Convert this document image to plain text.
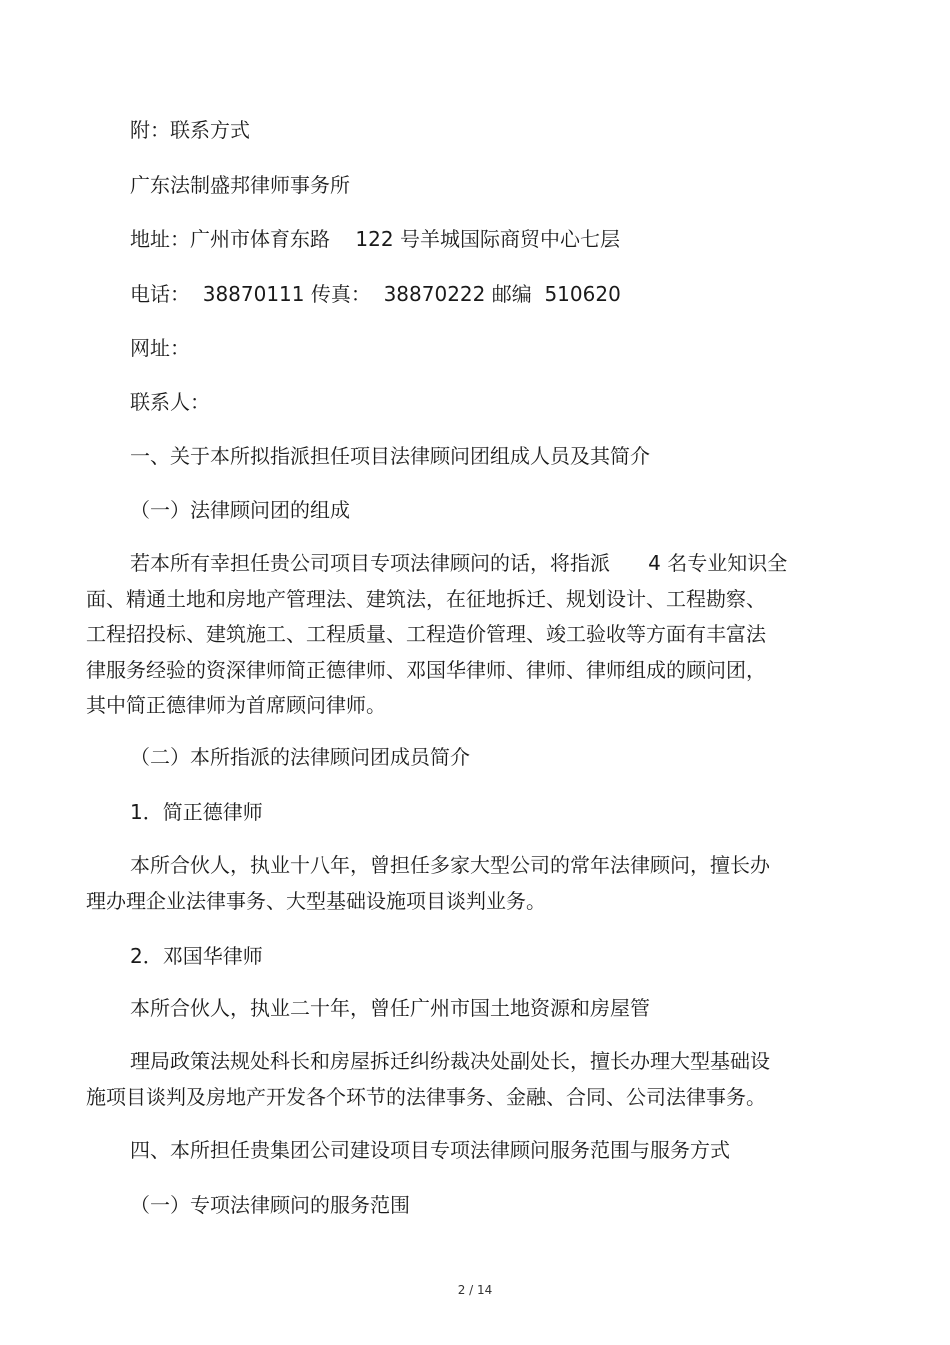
附：联系方式

广东法制盛邦律师事务所

地址：广州市体育东路    122 号羊城国际商贸中心七层

电话：  38870111 传真：  38870222 邮编  510620

网址：

联系人：

一、关于本所拟指派担任项目法律顾问团组成人员及其简介

（一）法律顾问团的组成

若本所有幸担任贵公司项目专项法律顾问的话，将指派      4 名专业知识全
面、精通土地和房地产管理法、建筑法，在征地拆迁、规划设计、工程勘察、
工程招投标、建筑施工、工程质量、工程造价管理、竣工验收等方面有丰富法
律服务经验的资深律师简正德律师、邓国华律师、律师、律师组成的顾问团，
其中简正德律师为首席顾问律师。

（二）本所指派的法律顾问团成员简介

1．简正德律师

本所合伙人，执业十八年，曾担任多家大型公司的常年法律顾问，擅长办
理办理企业法律事务、大型基础设施项目谈判业务。

2．邓国华律师

本所合伙人，执业二十年，曾任广州市国土地资源和房屋管

理局政策法规处科长和房屋拆迁纠纷裁决处副处长，擅长办理大型基础设
施项目谈判及房地产开发各个环节的法律事务、金融、合同、公司法律事务。

四、本所担任贵集团公司建设项目专项法律顾问服务范围与服务方式

（一）专项法律顾问的服务范围

2 / 14
